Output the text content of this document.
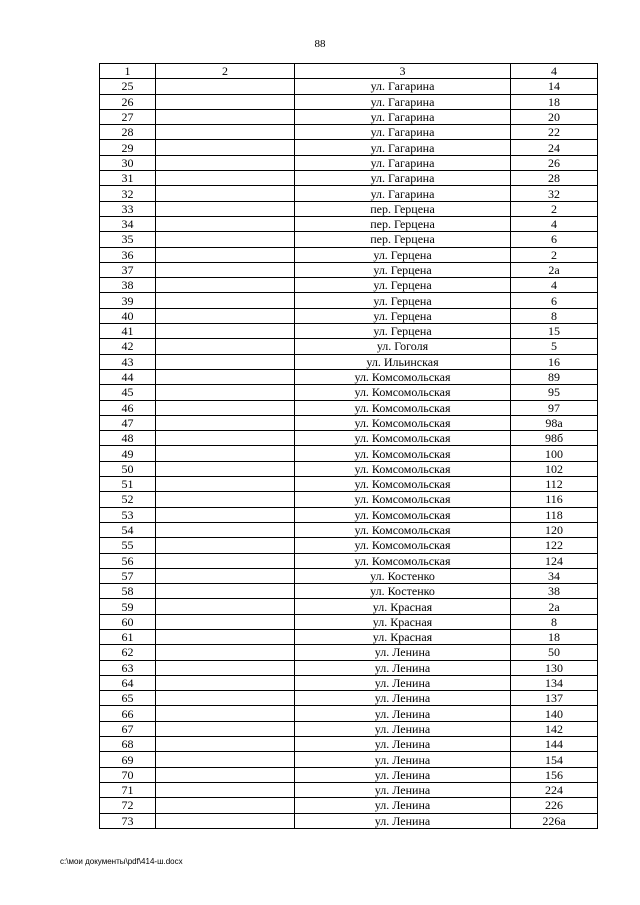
88
1	2	3	4
25		ул. Гагарина	14
26		ул. Гагарина	18
27		ул. Гагарина	20
28		ул. Гагарина	22
29		ул. Гагарина	24
30		ул. Гагарина	26
31		ул. Гагарина	28
32		ул. Гагарина	32
33		пер. Герцена	2
34		пер. Герцена	4
35		пер. Герцена	6
36		ул. Герцена	2
37		ул. Герцена	2а
38		ул. Герцена	4
39		ул. Герцена	6
40		ул. Герцена	8
41		ул. Герцена	15
42		ул. Гоголя	5
43		ул. Ильинская	16
44		ул. Комсомольская	89
45		ул. Комсомольская	95
46		ул. Комсомольская	97
47		ул. Комсомольская	98а
48		ул. Комсомольская	98б
49		ул. Комсомольская	100
50		ул. Комсомольская	102
51		ул. Комсомольская	112
52		ул. Комсомольская	116
53		ул. Комсомольская	118
54		ул. Комсомольская	120
55		ул. Комсомольская	122
56		ул. Комсомольская	124
57		ул. Костенко	34
58		ул. Костенко	38
59		ул. Красная	2а
60		ул. Красная	8
61		ул. Красная	18
62		ул. Ленина	50
63		ул. Ленина	130
64		ул. Ленина	134
65		ул. Ленина	137
66		ул. Ленина	140
67		ул. Ленина	142
68		ул. Ленина	144
69		ул. Ленина	154
70		ул. Ленина	156
71		ул. Ленина	224
72		ул. Ленина	226
73		ул. Ленина	226а
c:\мои документы\pdf\414-ш.docx
